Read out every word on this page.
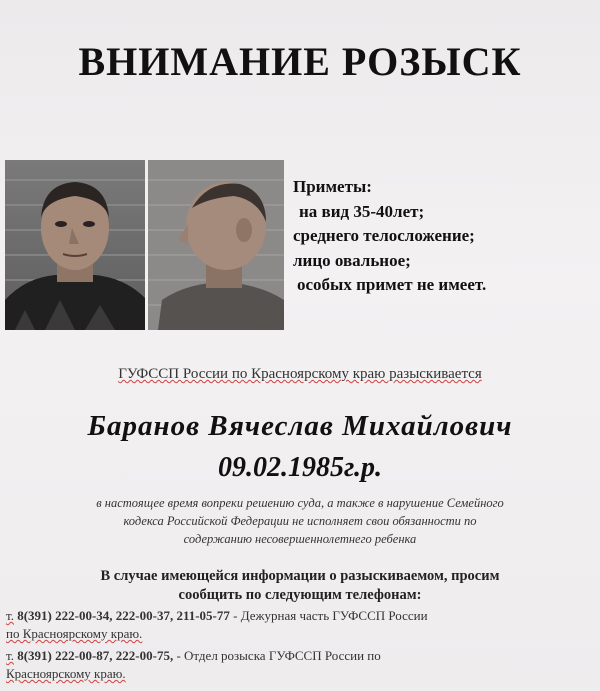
ВНИМАНИЕ РОЗЫСК
Приметы:
на вид 35-40лет;
среднего телосложение;
лицо овальное;
особых примет не имеет.
ГУФССП России по Красноярскому краю разыскивается
Баранов Вячеслав Михайлович
09.02.1985г.р.
в настоящее время вопреки решению суда, а также в нарушение Семейного
кодекса Российской Федерации не исполняет свои обязанности по
содержанию несовершеннолетнего ребенка
В случае имеющейся информации о разыскиваемом, просим
сообщить по следующим телефонам:
т. 8(391) 222-00-34, 222-00-37, 211-05-77 - Дежурная часть ГУФССП России
по Красноярскому краю.
т. 8(391) 222-00-87, 222-00-75, - Отдел розыска ГУФССП России по
Красноярскому краю.
